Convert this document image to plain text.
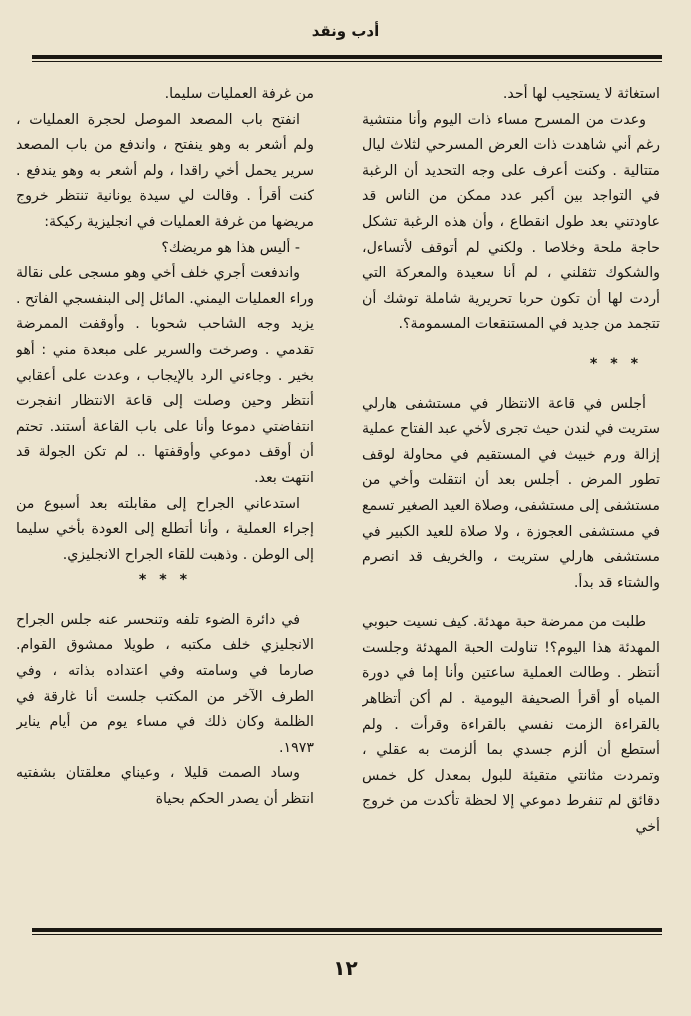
أدب ونقد

استغاثة لا يستجيب لها أحد.

وعدت من المسرح مساء ذات اليوم وأنا منتشية رغم أني شاهدت ذات العرض المسرحي لثلاث ليال متتالية . وكنت أعرف على وجه التحديد أن الرغبة في التواجد بين أكبر عدد ممكن من الناس قد عاودتني بعد طول انقطاع ، وأن هذه الرغبة تشكل حاجة ملحة وخلاصا . ولكني لم أتوقف لأتساءل، والشكوك تثقلني ، لم أنا سعيدة والمعركة التي أردت لها أن تكون حربا تحريرية شاملة توشك أن تتجمد من جديد في المستنقعات المسمومة؟.

* * *

أجلس في قاعة الانتظار في مستشفى هارلي ستريت في لندن حيث تجرى لأخي عبد الفتاح عملية إزالة ورم خبيث في المستقيم في محاولة لوقف تطور المرض . أجلس بعد أن انتقلت وأخي من مستشفى إلى مستشفى، وصلاة العيد الصغير تسمع في مستشفى العجوزة ، ولا صلاة للعيد الكبير في مستشفى هارلي ستريت ، والخريف قد انصرم والشتاء قد بدأ.

طلبت من ممرضة حبة مهدئة. كيف نسيت حبوبي المهدئة هذا اليوم؟! تناولت الحبة المهدئة وجلست أنتظر . وطالت العملية ساعتين وأنا إما في دورة المياه أو أقرأ الصحيفة اليومية . لم أكن أتظاهر بالقراءة الزمت نفسي بالقراءة وقرأت . ولم أستطع أن ألزم جسدي بما ألزمت به عقلي ، وتمردت مثانتي متقيئة للبول بمعدل كل خمس دقائق لم تنفرط دموعي إلا لحظة تأكدت من خروج أخي

من غرفة العمليات سليما.

انفتح باب المصعد الموصل لحجرة العمليات ، ولم أشعر به وهو ينفتح ، واندفع من باب المصعد سرير يحمل أخي راقدا ، ولم أشعر به وهو يندفع . كنت أقرأ . وقالت لي سيدة يونانية تنتظر خروج مريضها من غرفة العمليات في انجليزية ركيكة:

- أليس هذا هو مريضك؟

واندفعت أجري خلف أخي وهو مسجى على نقالة وراء العمليات اليمني. المائل إلى البنفسجي الفاتح . يزيد وجه الشاحب شحوبا . وأوقفت الممرضة تقدمي . وصرخت والسرير على مبعدة مني : أهو بخير . وجاءني الرد بالإيجاب ، وعدت على أعقابي أنتظر وحين وصلت إلى قاعة الانتظار انفجرت انتفاضتي دموعا وأنا على باب القاعة أستند. تحتم أن أوقف دموعي وأوقفتها .. لم تكن الجولة قد انتهت بعد.

استدعاني الجراح إلى مقابلته بعد أسبوع من إجراء العملية ، وأنا أتطلع إلى العودة بأخي سليما إلى الوطن . وذهبت للقاء الجراح الانجليزي.

* * *

في دائرة الضوء تلفه وتنحسر عنه جلس الجراح الانجليزي خلف مكتبه ، طويلا ممشوق القوام. صارما في وسامته وفي اعتداده بذاته ، وفي الطرف الآخر من المكتب جلست أنا غارقة في الظلمة وكان ذلك في مساء يوم من أيام يناير ١٩٧٣.

وساد الصمت قليلا ، وعيناي معلقتان بشفتيه انتظر أن يصدر الحكم بحياة

١٢
